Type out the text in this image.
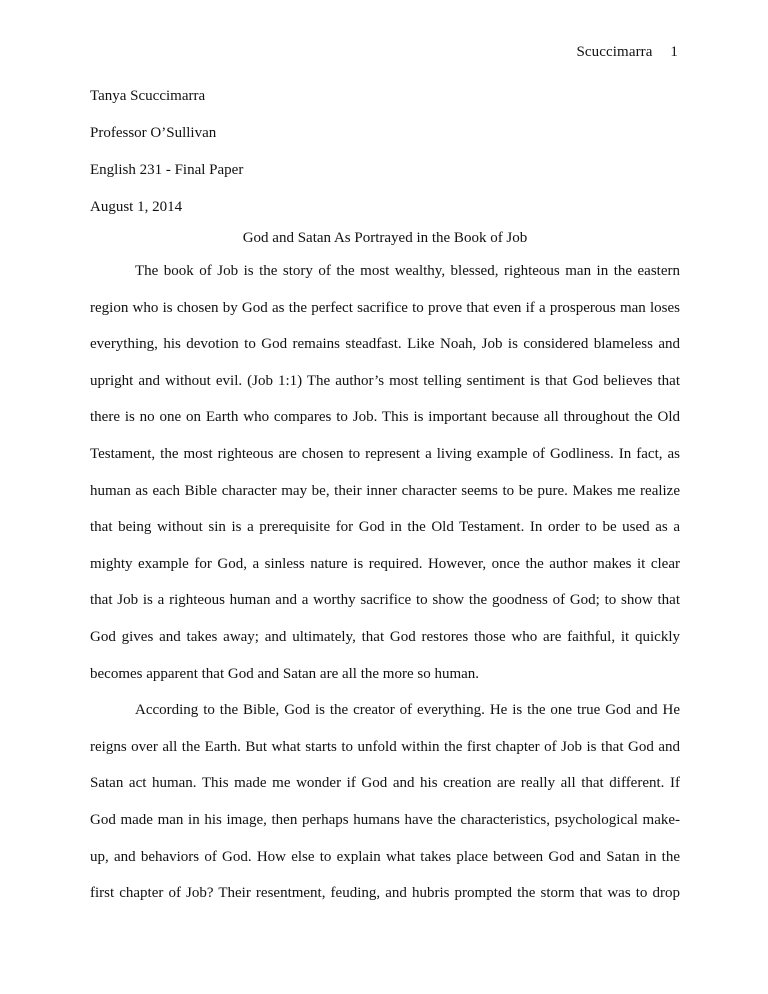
Scuccimarra 1
Tanya Scuccimarra
Professor O’Sullivan
English 231 - Final Paper
August 1, 2014
God and Satan As Portrayed in the Book of Job
The book of Job is the story of the most wealthy, blessed, righteous man in the eastern
region who is chosen by God as the perfect sacrifice to prove that even if a prosperous man loses
everything, his devotion to God remains steadfast. Like Noah, Job is considered blameless and
upright and without evil. (Job 1:1) The author’s most telling sentiment is that God believes that
there is no one on Earth who compares to Job. This is important because all throughout the Old
Testament, the most righteous are chosen to represent a living example of Godliness. In fact, as
human as each Bible character may be, their inner character seems to be pure. Makes me realize
that being without sin is a prerequisite for God in the Old Testament. In order to be used as a
mighty example for God, a sinless nature is required. However, once the author makes it clear
that Job is a righteous human and a worthy sacrifice to show the goodness of God; to show that
God gives and takes away; and ultimately, that God restores those who are faithful, it quickly
becomes apparent that God and Satan are all the more so human.
According to the Bible, God is the creator of everything. He is the one true God and He
reigns over all the Earth. But what starts to unfold within the first chapter of Job is that God and
Satan act human. This made me wonder if God and his creation are really all that different. If
God made man in his image, then perhaps humans have the characteristics, psychological make-
up, and behaviors of God. How else to explain what takes place between God and Satan in the
first chapter of Job? Their resentment, feuding, and hubris prompted the storm that was to drop
